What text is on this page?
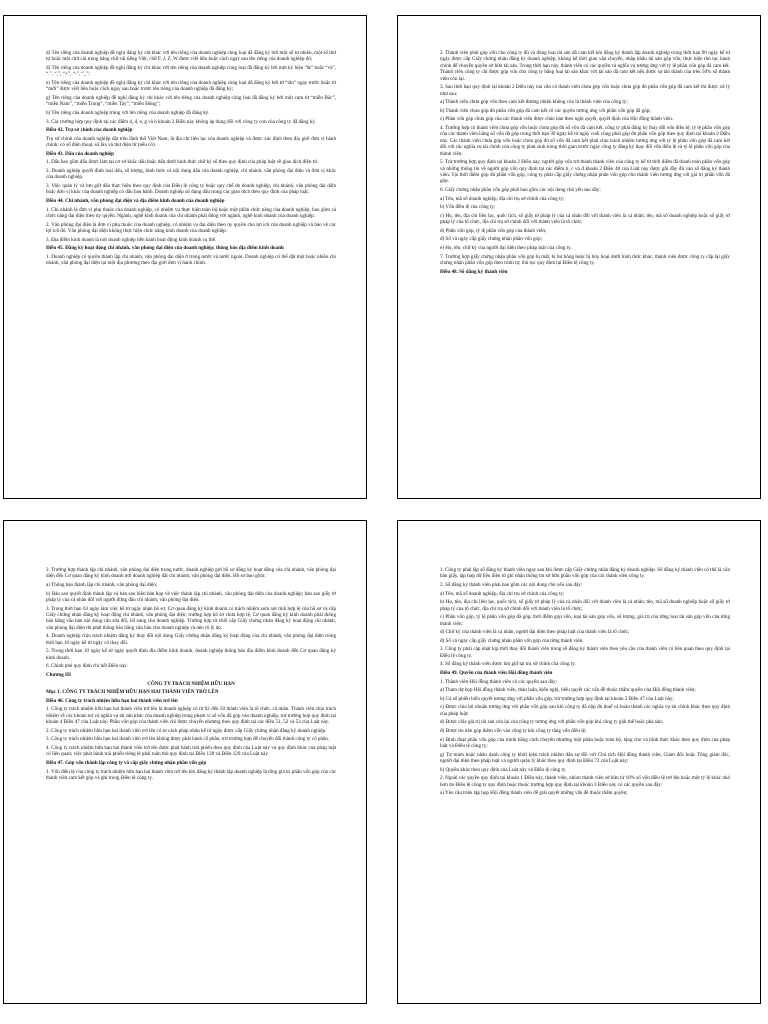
d) Tên riêng của doanh nghiệp đề nghị đăng ký chỉ khác với tên riêng của doanh nghiệp cùng loại đã đăng ký bởi một số tự nhiên, một số thứ tự hoặc một chữ cái trong bảng chữ cái tiếng Việt, chữ F, J, Z, W được viết liền hoặc cách ngay sau tên riêng của doanh nghiệp đó;

đ) Tên riêng của doanh nghiệp đề nghị đăng ký chỉ khác với tên riêng của doanh nghiệp cùng loại đã đăng ký bởi một ký hiệu “&” hoặc “và”, “.”, “,”, “+”, “-”, “_”;

e) Tên riêng của doanh nghiệp đề nghị đăng ký chỉ khác với tên riêng của doanh nghiệp cùng loại đã đăng ký bởi từ “tân” ngay trước hoặc từ “mới” được viết liền hoặc cách ngay sau hoặc trước tên riêng của doanh nghiệp đã đăng ký;

g) Tên riêng của doanh nghiệp đề nghị đăng ký chỉ khác với tên riêng của doanh nghiệp cùng loại đã đăng ký bởi một cụm từ “miền Bắc”, “miền Nam”, “miền Trung”, “miền Tây”, “miền Đông”;

h) Tên riêng của doanh nghiệp trùng với tên riêng của doanh nghiệp đã đăng ký.

3. Các trường hợp quy định tại các điểm d, đ, e, g và h khoản 2 Điều này không áp dụng đối với công ty con của công ty đã đăng ký.

Điều 42. Trụ sở chính của doanh nghiệp

Trụ sở chính của doanh nghiệp đặt trên lãnh thổ Việt Nam, là địa chỉ liên lạc của doanh nghiệp và được xác định theo địa giới đơn vị hành chính; có số điện thoại, số fax và thư điện tử (nếu có).

Điều 43. Dấu của doanh nghiệp

1. Dấu bao gồm dấu được làm tại cơ sở khắc dấu hoặc dấu dưới hình thức chữ ký số theo quy định của pháp luật về giao dịch điện tử.

2. Doanh nghiệp quyết định loại dấu, số lượng, hình thức và nội dung dấu của doanh nghiệp, chi nhánh, văn phòng đại diện và đơn vị khác của doanh nghiệp.

3. Việc quản lý và lưu giữ dấu thực hiện theo quy định của Điều lệ công ty hoặc quy chế do doanh nghiệp, chi nhánh, văn phòng đại diện hoặc đơn vị khác của doanh nghiệp có dấu ban hành. Doanh nghiệp sử dụng dấu trong các giao dịch theo quy định của pháp luật.

Điều 44. Chi nhánh, văn phòng đại diện và địa điểm kinh doanh của doanh nghiệp

1. Chi nhánh là đơn vị phụ thuộc của doanh nghiệp, có nhiệm vụ thực hiện toàn bộ hoặc một phần chức năng của doanh nghiệp, bao gồm cả chức năng đại diện theo ủy quyền. Ngành, nghề kinh doanh của chi nhánh phải đúng với ngành, nghề kinh doanh của doanh nghiệp.

2. Văn phòng đại diện là đơn vị phụ thuộc của doanh nghiệp, có nhiệm vụ đại diện theo ủy quyền cho lợi ích của doanh nghiệp và bảo vệ các lợi ích đó. Văn phòng đại diện không thực hiện chức năng kinh doanh của doanh nghiệp.

3. Địa điểm kinh doanh là nơi doanh nghiệp tiến hành hoạt động kinh doanh cụ thể.

Điều 45. Đăng ký hoạt động chi nhánh, văn phòng đại diện của doanh nghiệp; thông báo địa điểm kinh doanh

1. Doanh nghiệp có quyền thành lập chi nhánh, văn phòng đại diện ở trong nước và nước ngoài. Doanh nghiệp có thể đặt một hoặc nhiều chi nhánh, văn phòng đại diện tại một địa phương theo địa giới đơn vị hành chính.

2. Thành viên phải góp vốn cho công ty đủ và đúng loại tài sản đã cam kết khi đăng ký thành lập doanh nghiệp trong thời hạn 90 ngày kể từ ngày được cấp Giấy chứng nhận đăng ký doanh nghiệp, không kể thời gian vận chuyển, nhập khẩu tài sản góp vốn, thực hiện thủ tục hành chính để chuyển quyền sở hữu tài sản. Trong thời hạn này, thành viên có các quyền và nghĩa vụ tương ứng với tỷ lệ phần vốn góp đã cam kết. Thành viên công ty chỉ được góp vốn cho công ty bằng loại tài sản khác với tài sản đã cam kết nếu được sự tán thành của trên 50% số thành viên còn lại.

3. Sau thời hạn quy định tại khoản 2 Điều này mà vẫn có thành viên chưa góp vốn hoặc chưa góp đủ phần vốn góp đã cam kết thì được xử lý như sau:

a) Thành viên chưa góp vốn theo cam kết đương nhiên không còn là thành viên của công ty;

b) Thành viên chưa góp đủ phần vốn góp đã cam kết có các quyền tương ứng với phần vốn góp đã góp;

c) Phần vốn góp chưa góp của các thành viên được chào bán theo nghị quyết, quyết định của Hội đồng thành viên.

4. Trường hợp có thành viên chưa góp vốn hoặc chưa góp đủ số vốn đã cam kết, công ty phải đăng ký thay đổi vốn điều lệ, tỷ lệ phần vốn góp của các thành viên bằng số vốn đã góp trong thời hạn 30 ngày kể từ ngày cuối cùng phải góp đủ phần vốn góp theo quy định tại khoản 2 Điều này. Các thành viên chưa góp vốn hoặc chưa góp đủ số vốn đã cam kết phải chịu trách nhiệm tương ứng với tỷ lệ phần vốn góp đã cam kết đối với các nghĩa vụ tài chính của công ty phát sinh trong thời gian trước ngày công ty đăng ký thay đổi vốn điều lệ và tỷ lệ phần vốn góp của thành viên.

5. Trừ trường hợp quy định tại khoản 2 Điều này, người góp vốn trở thành thành viên của công ty kể từ thời điểm đã thanh toán phần vốn góp và những thông tin về người góp vốn quy định tại các điểm b, c và đ khoản 2 Điều 48 của Luật này được ghi đầy đủ vào sổ đăng ký thành viên. Tại thời điểm góp đủ phần vốn góp, công ty phải cấp giấy chứng nhận phần vốn góp cho thành viên tương ứng với giá trị phần vốn đã góp.

6. Giấy chứng nhận phần vốn góp phải bao gồm các nội dung chủ yếu sau đây:

a) Tên, mã số doanh nghiệp, địa chỉ trụ sở chính của công ty;

b) Vốn điều lệ của công ty;

c) Họ, tên, địa chỉ liên lạc, quốc tịch, số giấy tờ pháp lý của cá nhân đối với thành viên là cá nhân; tên, mã số doanh nghiệp hoặc số giấy tờ pháp lý của tổ chức, địa chỉ trụ sở chính đối với thành viên là tổ chức;

d) Phần vốn góp, tỷ lệ phần vốn góp của thành viên;

đ) Số và ngày cấp giấy chứng nhận phần vốn góp;

e) Họ, tên, chữ ký của người đại diện theo pháp luật của công ty.

7. Trường hợp giấy chứng nhận phần vốn góp bị mất, bị hư hỏng hoặc bị hủy hoại dưới hình thức khác, thành viên được công ty cấp lại giấy chứng nhận phần vốn góp theo trình tự, thủ tục quy định tại Điều lệ công ty.

Điều 48. Sổ đăng ký thành viên

2. Trường hợp thành lập chi nhánh, văn phòng đại diện trong nước, doanh nghiệp gửi hồ sơ đăng ký hoạt động của chi nhánh, văn phòng đại diện đến Cơ quan đăng ký kinh doanh nơi doanh nghiệp đặt chi nhánh, văn phòng đại diện. Hồ sơ bao gồm:

a) Thông báo thành lập chi nhánh, văn phòng đại diện;

b) Bản sao quyết định thành lập và bản sao biên bản họp về việc thành lập chi nhánh, văn phòng đại diện của doanh nghiệp; bản sao giấy tờ pháp lý của cá nhân đối với người đứng đầu chi nhánh, văn phòng đại diện.

3. Trong thời hạn 03 ngày làm việc kể từ ngày nhận hồ sơ, Cơ quan đăng ký kinh doanh có trách nhiệm xem xét tính hợp lệ của hồ sơ và cấp Giấy chứng nhận đăng ký hoạt động chi nhánh, văn phòng đại diện; trường hợp hồ sơ chưa hợp lệ, Cơ quan đăng ký kinh doanh phải thông báo bằng văn bản nội dung cần sửa đổi, bổ sung cho doanh nghiệp. Trường hợp từ chối cấp Giấy chứng nhận đăng ký hoạt động chi nhánh, văn phòng đại diện thì phải thông báo bằng văn bản cho doanh nghiệp và nêu rõ lý do.

4. Doanh nghiệp chịu trách nhiệm đăng ký thay đổi nội dung Giấy chứng nhận đăng ký hoạt động của chi nhánh, văn phòng đại diện trong thời hạn 10 ngày kể từ ngày có thay đổi.

5. Trong thời hạn 10 ngày kể từ ngày quyết định địa điểm kinh doanh, doanh nghiệp thông báo địa điểm kinh doanh đến Cơ quan đăng ký kinh doanh.

6. Chính phủ quy định chi tiết Điều này.

Chương III

CÔNG TY TRÁCH NHIỆM HỮU HẠN

Mục 1. CÔNG TY TRÁCH NHIỆM HỮU HẠN HAI THÀNH VIÊN TRỞ LÊN

Điều 46. Công ty trách nhiệm hữu hạn hai thành viên trở lên

1. Công ty trách nhiệm hữu hạn hai thành viên trở lên là doanh nghiệp có từ 02 đến 50 thành viên là tổ chức, cá nhân. Thành viên chịu trách nhiệm về các khoản nợ và nghĩa vụ tài sản khác của doanh nghiệp trong phạm vi số vốn đã góp vào doanh nghiệp, trừ trường hợp quy định tại khoản 4 Điều 47 của Luật này. Phần vốn góp của thành viên chỉ được chuyển nhượng theo quy định tại các điều 51, 52 và 53 của Luật này.

2. Công ty trách nhiệm hữu hạn hai thành viên trở lên có tư cách pháp nhân kể từ ngày được cấp Giấy chứng nhận đăng ký doanh nghiệp.

3. Công ty trách nhiệm hữu hạn hai thành viên trở lên không được phát hành cổ phần, trừ trường hợp để chuyển đổi thành công ty cổ phần.

4. Công ty trách nhiệm hữu hạn hai thành viên trở lên được phát hành trái phiếu theo quy định của Luật này và quy định khác của pháp luật có liên quan; việc phát hành trái phiếu riêng lẻ phải tuân thủ quy định tại Điều 128 và Điều 129 của Luật này.

Điều 47. Góp vốn thành lập công ty và cấp giấy chứng nhận phần vốn góp

1. Vốn điều lệ của công ty trách nhiệm hữu hạn hai thành viên trở lên khi đăng ký thành lập doanh nghiệp là tổng giá trị phần vốn góp của các thành viên cam kết góp và ghi trong Điều lệ công ty.

1. Công ty phải lập sổ đăng ký thành viên ngay sau khi được cấp Giấy chứng nhận đăng ký doanh nghiệp. Sổ đăng ký thành viên có thể là văn bản giấy, tập hợp dữ liệu điện tử ghi nhận thông tin sở hữu phần vốn góp của các thành viên công ty.

2. Sổ đăng ký thành viên phải bao gồm các nội dung chủ yếu sau đây:

a) Tên, mã số doanh nghiệp, địa chỉ trụ sở chính của công ty;

b) Họ, tên, địa chỉ liên lạc, quốc tịch, số giấy tờ pháp lý của cá nhân đối với thành viên là cá nhân; tên, mã số doanh nghiệp hoặc số giấy tờ pháp lý của tổ chức, địa chỉ trụ sở chính đối với thành viên là tổ chức;

c) Phần vốn góp, tỷ lệ phần vốn góp đã góp, thời điểm góp vốn, loại tài sản góp vốn, số lượng, giá trị của từng loại tài sản góp vốn của từng thành viên;

d) Chữ ký của thành viên là cá nhân, người đại diện theo pháp luật của thành viên là tổ chức;

đ) Số và ngày cấp giấy chứng nhận phần vốn góp của từng thành viên.

3. Công ty phải cập nhật kịp thời thay đổi thành viên trong sổ đăng ký thành viên theo yêu cầu của thành viên có liên quan theo quy định tại Điều lệ công ty.

4. Sổ đăng ký thành viên được lưu giữ tại trụ sở chính của công ty.

Điều 49. Quyền của thành viên Hội đồng thành viên

1. Thành viên Hội đồng thành viên có các quyền sau đây:

a) Tham dự họp Hội đồng thành viên, thảo luận, kiến nghị, biểu quyết các vấn đề thuộc thẩm quyền của Hội đồng thành viên;

b) Có số phiếu biểu quyết tương ứng với phần vốn góp, trừ trường hợp quy định tại khoản 2 Điều 47 của Luật này;

c) Được chia lợi nhuận tương ứng với phần vốn góp sau khi công ty đã nộp đủ thuế và hoàn thành các nghĩa vụ tài chính khác theo quy định của pháp luật;

d) Được chia giá trị tài sản còn lại của công ty tương ứng với phần vốn góp khi công ty giải thể hoặc phá sản;

đ) Được ưu tiên góp thêm vốn vào công ty khi công ty tăng vốn điều lệ;

e) Định đoạt phần vốn góp của mình bằng cách chuyển nhượng một phần hoặc toàn bộ, tặng cho và hình thức khác theo quy định của pháp luật và Điều lệ công ty;

g) Tự mình hoặc nhân danh công ty khởi kiện trách nhiệm dân sự đối với Chủ tịch Hội đồng thành viên, Giám đốc hoặc Tổng giám đốc, người đại diện theo pháp luật và người quản lý khác theo quy định tại Điều 72 của Luật này;

h) Quyền khác theo quy định của Luật này và Điều lệ công ty.

2. Ngoài các quyền quy định tại khoản 1 Điều này, thành viên, nhóm thành viên sở hữu từ 10% số vốn điều lệ trở lên hoặc một tỷ lệ khác nhỏ hơn do Điều lệ công ty quy định hoặc thuộc trường hợp quy định tại khoản 3 Điều này có các quyền sau đây:

a) Yêu cầu triệu tập họp Hội đồng thành viên để giải quyết những vấn đề thuộc thẩm quyền;
